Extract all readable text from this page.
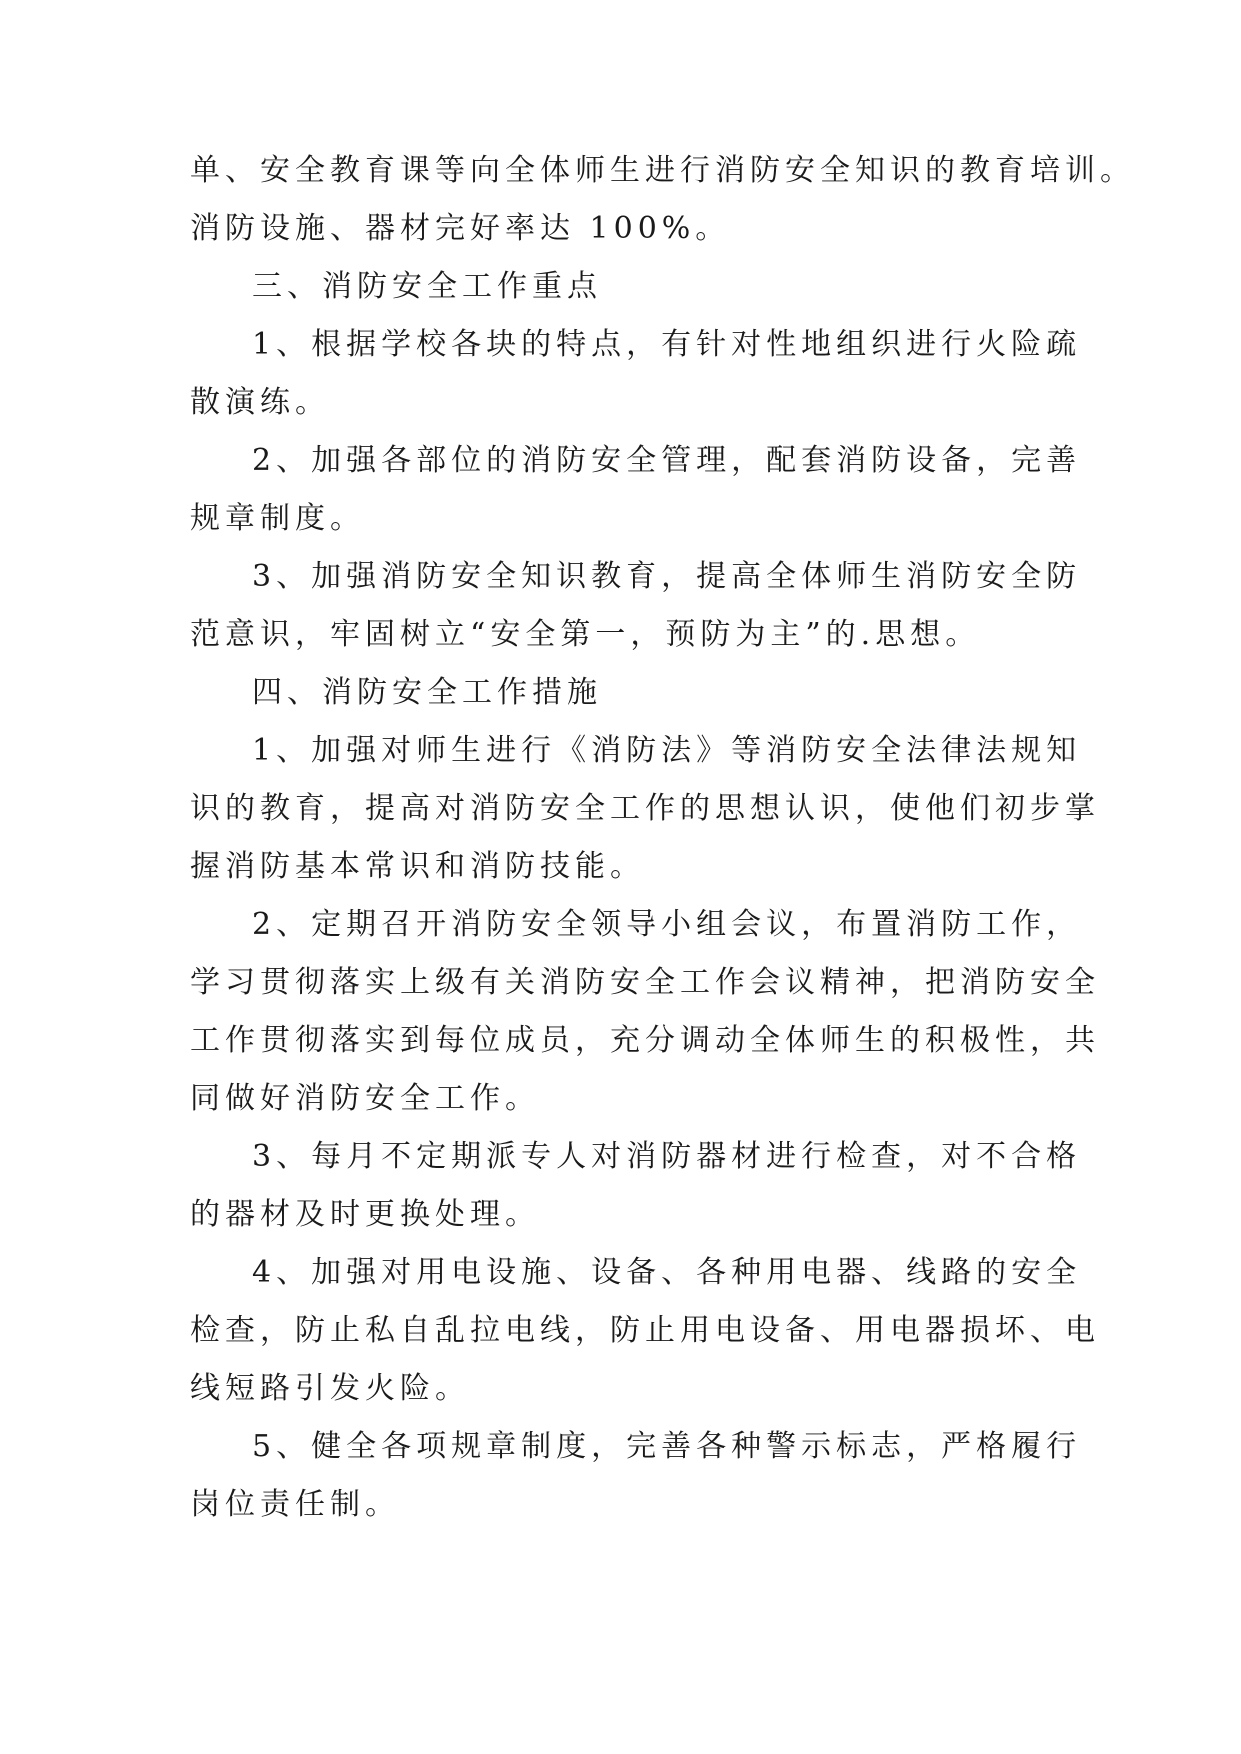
单、安全教育课等向全体师生进行消防安全知识的教育培训。
消防设施、器材完好率达 100%。
三、消防安全工作重点
1、根据学校各块的特点，有针对性地组织进行火险疏
散演练。
2、加强各部位的消防安全管理，配套消防设备，完善
规章制度。
3、加强消防安全知识教育，提高全体师生消防安全防
范意识，牢固树立“安全第一，预防为主”的.思想。
四、消防安全工作措施
1、加强对师生进行《消防法》等消防安全法律法规知
识的教育，提高对消防安全工作的思想认识，使他们初步掌
握消防基本常识和消防技能。
2、定期召开消防安全领导小组会议，布置消防工作，
学习贯彻落实上级有关消防安全工作会议精神，把消防安全
工作贯彻落实到每位成员，充分调动全体师生的积极性，共
同做好消防安全工作。
3、每月不定期派专人对消防器材进行检查，对不合格
的器材及时更换处理。
4、加强对用电设施、设备、各种用电器、线路的安全
检查，防止私自乱拉电线，防止用电设备、用电器损坏、电
线短路引发火险。
5、健全各项规章制度，完善各种警示标志，严格履行
岗位责任制。
